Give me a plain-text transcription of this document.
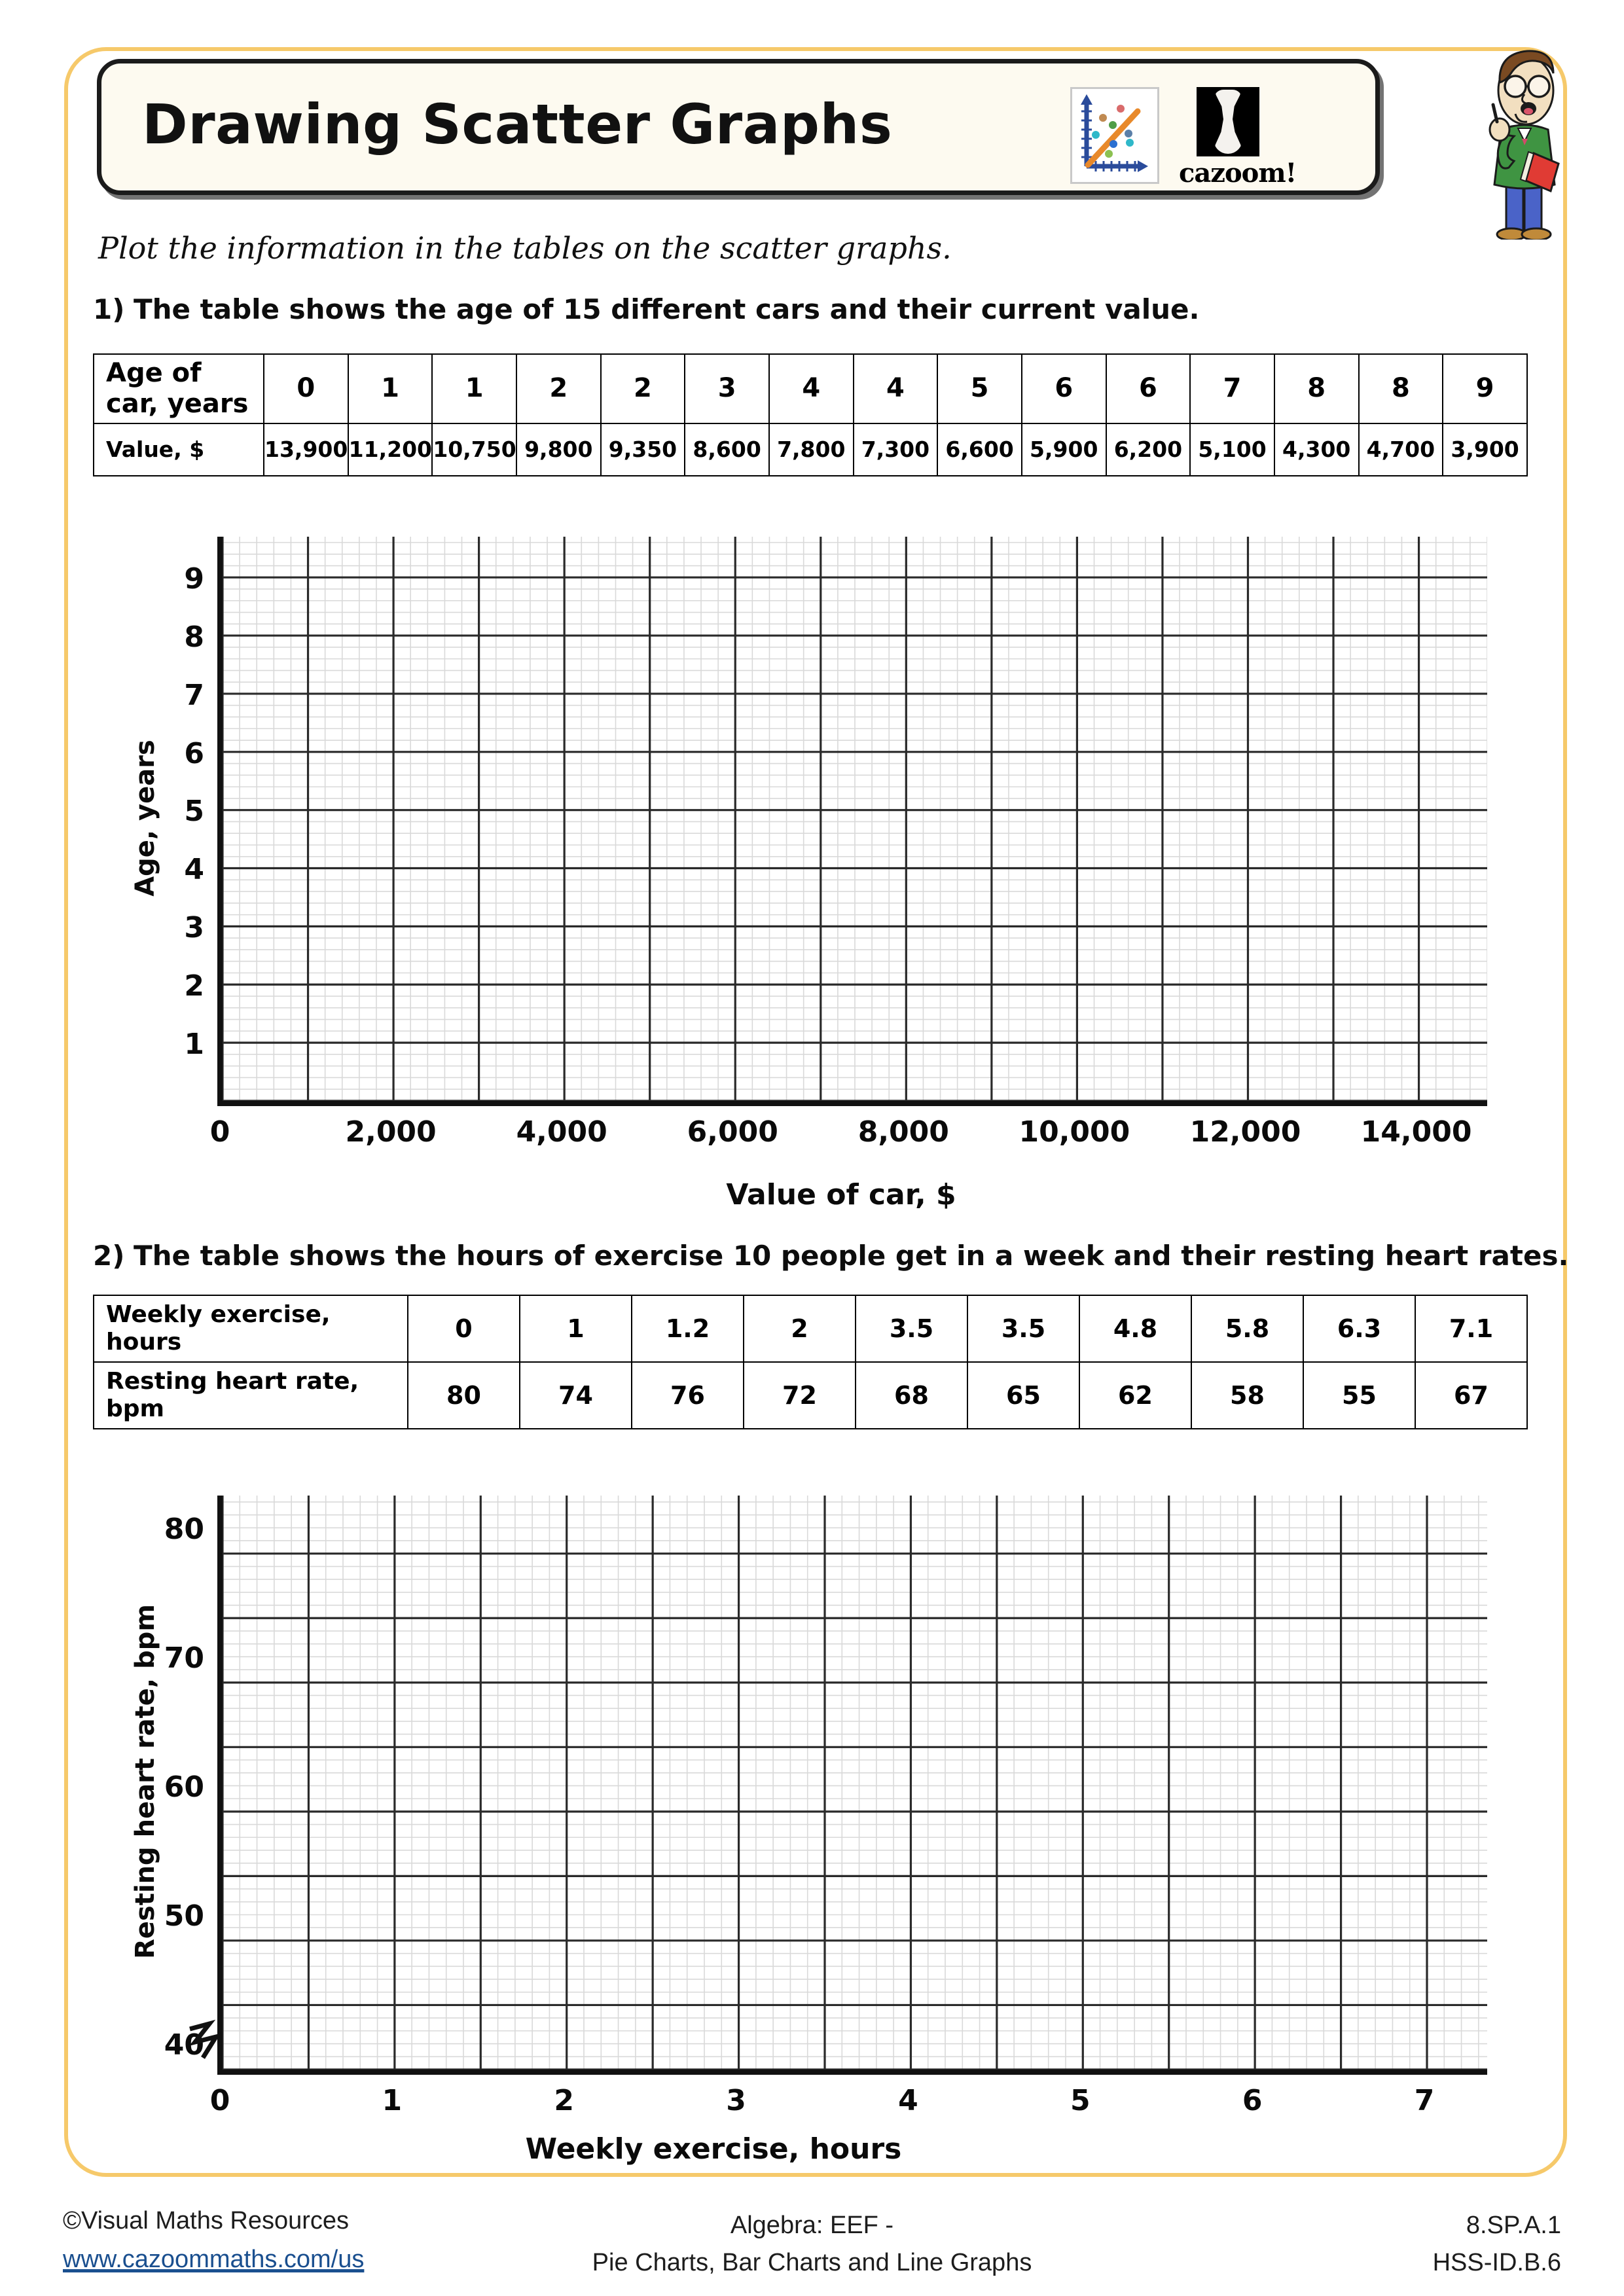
Drawing Scatter Graphs
cazoom!
Plot the information in the tables on the scatter graphs.
1) The table shows the age of 15 different cars and their current value.
Age of car, years	0	1	1	2	2	3	4	4	5	6	6	7	8	8	9
Value, $	13,900	11,200	10,750	9,800	9,350	8,600	7,800	7,300	6,600	5,900	6,200	5,100	4,300	4,700	3,900
Age, years
1
2
3
4
5
6
7
8
9
0	2,000	4,000	6,000	8,000	10,000	12,000	14,000
Value of car, $
2) The table shows the hours of exercise 10 people get in a week and their resting heart rates.
Weekly exercise, hours	0	1	1.2	2	3.5	3.5	4.8	5.8	6.3	7.1
Resting heart rate, bpm	80	74	76	72	68	65	62	58	55	67
Resting heart rate, bpm
40
50
60
70
80
0	1	2	3	4	5	6	7
Weekly exercise, hours
©Visual Maths Resources
www.cazoommaths.com/us
Algebra: EEF -
Pie Charts, Bar Charts and Line Graphs
8.SP.A.1
HSS-ID.B.6
